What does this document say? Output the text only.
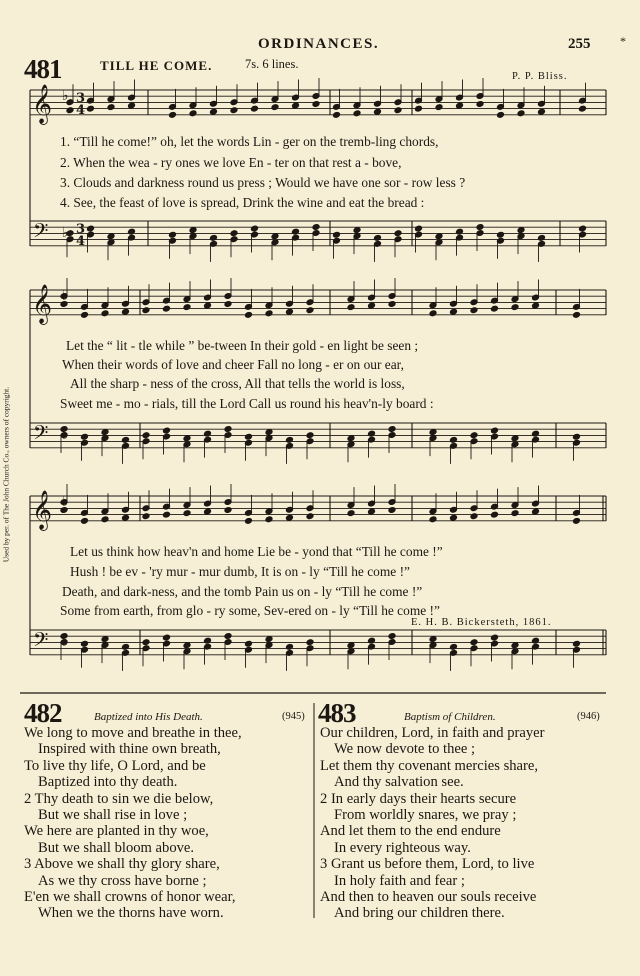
ORDINANCES.	255 *
481	TILL HE COME.	7s. 6 lines.
P. P. Bliss.
Used by per. of The John Church Co., owners of copyright.
𝄞
𝄢
♭
♭
3
4
3
4
𝄞
𝄢
♭
♭
𝄞
𝄢
♭
♭
1. “Till he come!” oh, let the words Lin - ger on the tremb-ling chords,
2. When the wea - ry ones we love En - ter on that rest a - bove,
3. Clouds and darkness round us press ; Would we have one sor - row less ?
4. See, the feast of love is spread, Drink the wine and eat the bread :
Let the “ lit - tle while ” be-tween In their gold - en light be seen ;
When their words of love and cheer Fall no long - er on our ear,
All the sharp - ness of the cross, All that tells the world is loss,
Sweet me - mo - rials, till the Lord Call us round his heav'n-ly board :
Let us think how heav'n and home Lie be - yond that “Till he come !”
Hush ! be ev - 'ry mur - mur dumb, It is on - ly “Till he come !”
Death, and dark-ness, and the tomb Pain us on - ly “Till he come !”
Some from earth, from glo - ry some, Sev-ered on - ly “Till he come !”
E. H. B. Bickersteth, 1861.
482	Baptized into His Death.	(945)
We long to move and breathe in thee,
Inspired with thine own breath,
To live thy life, O Lord, and be
Baptized into thy death.
2 Thy death to sin we die below,
But we shall rise in love ;
We here are planted in thy woe,
But we shall bloom above.
3 Above we shall thy glory share,
As we thy cross have borne ;
E'en we shall crowns of honor wear,
When we the thorns have worn.
483	Baptism of Children.	(946)
Our children, Lord, in faith and prayer
We now devote to thee ;
Let them thy covenant mercies share,
And thy salvation see.
2 In early days their hearts secure
From worldly snares, we pray ;
And let them to the end endure
In every righteous way.
3 Grant us before them, Lord, to live
In holy faith and fear ;
And then to heaven our souls receive
And bring our children there.
